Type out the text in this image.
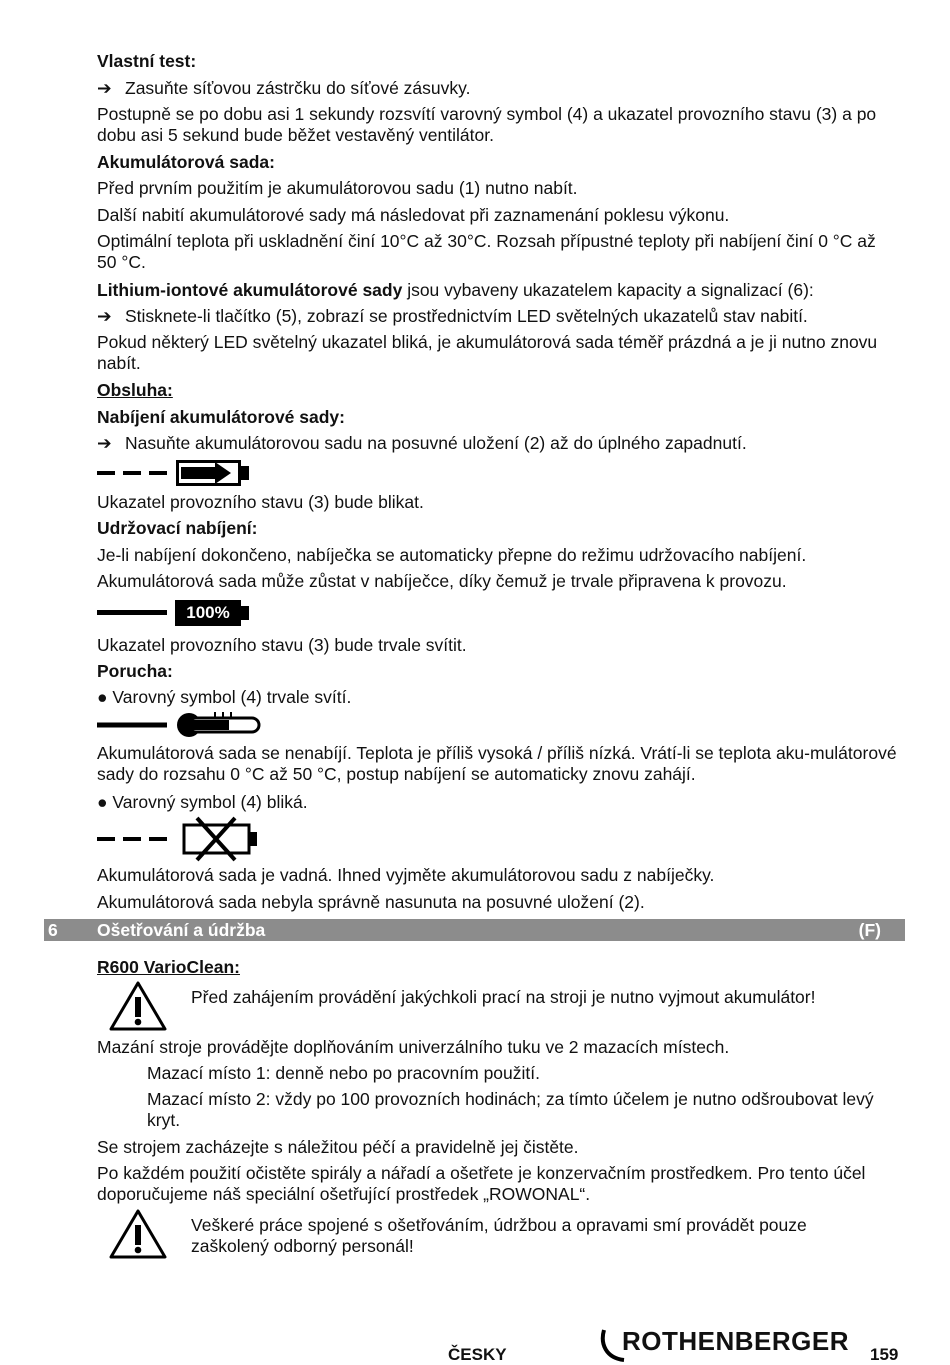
Vlastní test:
➔ Zasuňte síťovou zástrčku do síťové zásuvky.
Postupně se po dobu asi 1 sekundy rozsvítí varovný symbol (4) a ukazatel provozního stavu (3) a po dobu asi 5 sekund bude běžet vestavěný ventilátor.
Akumulátorová sada:
Před prvním použitím je akumulátorovou sadu (1) nutno nabít.
Další nabití akumulátorové sady má následovat při zaznamenání poklesu výkonu.
Optimální teplota při uskladnění činí 10°C až 30°C. Rozsah přípustné teploty při nabíjení činí 0 °C až 50 °C.
Lithium-iontové akumulátorové sady jsou vybaveny ukazatelem kapacity a signalizací (6):
➔ Stisknete-li tlačítko (5), zobrazí se prostřednictvím LED světelných ukazatelů stav nabití.
Pokud některý LED světelný ukazatel bliká, je akumulátorová sada téměř prázdná a je ji nutno znovu nabít.
Obsluha:
Nabíjení akumulátorové sady:
➔ Nasuňte akumulátorovou sadu na posuvné uložení (2) až do úplného zapadnutí.
Ukazatel provozního stavu (3) bude blikat.
Udržovací nabíjení:
Je-li nabíjení dokončeno, nabíječka se automaticky přepne do režimu udržovacího nabíjení.
Akumulátorová sada může zůstat v nabíječce, díky čemuž je trvale připravena k provozu.
100%
Ukazatel provozního stavu (3) bude trvale svítit.
Porucha:
● Varovný symbol (4) trvale svítí.
Akumulátorová sada se nenabíjí. Teplota je příliš vysoká / příliš nízká. Vrátí-li se teplota aku-mulátorové sady do rozsahu 0 °C až 50 °C, postup nabíjení se automaticky znovu zahájí.
● Varovný symbol (4) bliká.
Akumulátorová sada je vadná. Ihned vyjměte akumulátorovou sadu z nabíječky.
Akumulátorová sada nebyla správně nasunuta na posuvné uložení (2).
6 Ošetřování a údržba	(F)
R600 VarioClean:
Před zahájením provádění jakýchkoli prací na stroji je nutno vyjmout akumulátor!
Mazání stroje provádějte doplňováním univerzálního tuku ve 2 mazacích místech.
Mazací místo 1: denně nebo po pracovním použití.
Mazací místo 2: vždy po 100 provozních hodinách; za tímto účelem je nutno odšroubovat levý kryt.
Se strojem zacházejte s náležitou péčí a pravidelně jej čistěte.
Po každém použití očistěte spirály a nářadí a ošetřete je konzervačním prostředkem. Pro tento účel doporučujeme náš speciální ošetřující prostředek „ROWONAL“.
Veškeré práce spojené s ošetřováním, údržbou a opravami smí provádět pouze zaškolený odborný personál!
ČESKY	ROTHENBERGER 159
